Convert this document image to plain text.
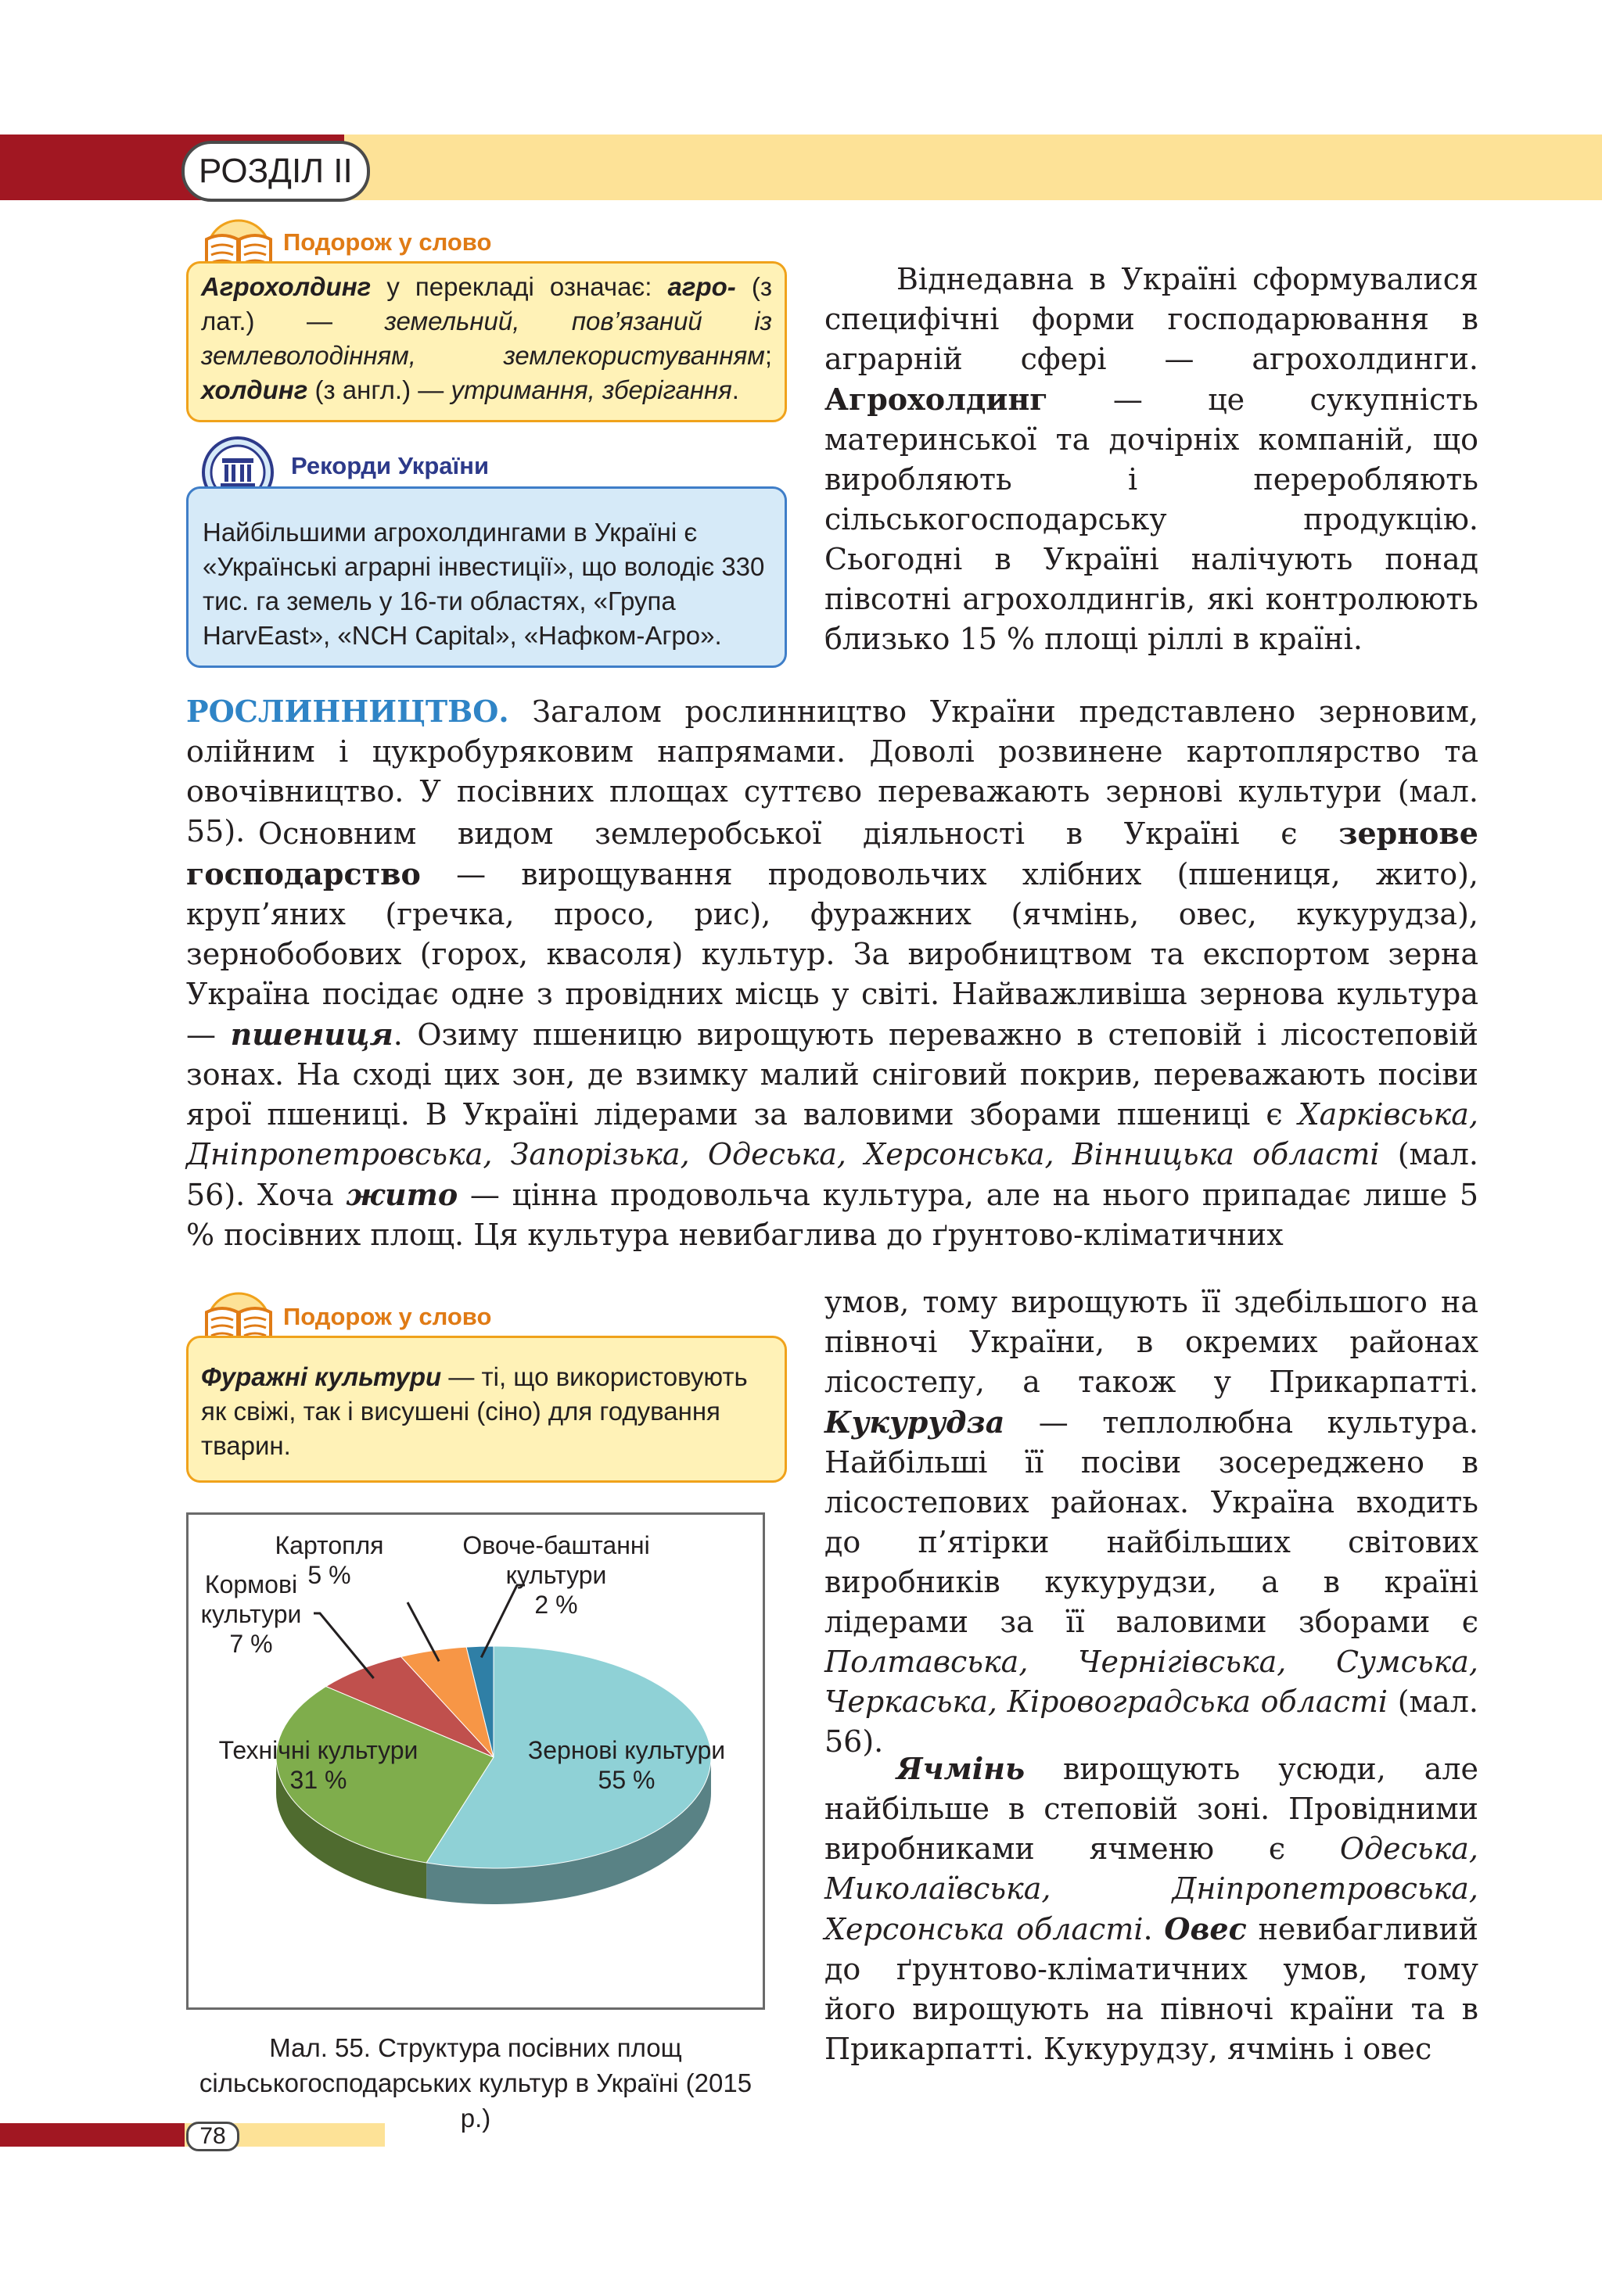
РОЗДІЛ II
Подорож у слово

Агрохолдинг у перекладі означає: агро- (з лат.) — земельний, пов’язаний із землеволодінням, землекористуванням; холдинг (з англ.) — утримання, зберігання.

Рекорди України

Найбільшими агрохолдингами в Україні є «Українські аграрні інвестиції», що володіє 330 тис. га земель у 16-ти областях, «Група HarvEast», «NCH Capital», «Нафком-Агро».

Віднедавна в Україні сформувалися специфічні форми господарювання в аграрній сфері — агрохолдинги. Агрохолдинг — це сукупність материнської та дочірніх компаній, що виробляють і переробляють сільськогосподарську продукцію. Сьогодні в Україні налічують понад півсотні агрохолдингів, які контролюють близько 15 % площі ріллі в країні.

РОСЛИННИЦТВО. Загалом рослинництво України представлено зерновим, олійним і цукробуряковим напрямами. Доволі розвинене картоплярство та овочівництво. У посівних площах суттєво переважають зернові культури (мал. 55). Основним видом землеробської діяльності в Україні є зернове господарство — вирощування продовольчих хлібних (пшениця, жито), круп’яних (гречка, просо, рис), фуражних (ячмінь, овес, кукурудза), зернобобових (горох, квасоля) культур. За виробництвом та експортом зерна Україна посідає одне з провідних місць у світі. Найважливіша зернова культура — пшениця. Озиму пшеницю вирощують переважно в степовій і лісостеповій зонах. На сході цих зон, де взимку малий сніговий покрив, переважають посіви ярої пшениці. В Україні лідерами за валовими зборами пшениці є Харківська, Дніпропетровська, Запорізька, Одеська, Херсонська, Вінницька області (мал. 56). Хоча жито — цінна продовольча культура, але на нього припадає лише 5 % посівних площ. Ця культура невибаглива до ґрунтово-кліматичних

умов, тому вирощують її здебільшого на півночі України, в окремих районах лісостепу, а також у Прикарпатті. Кукурудза — теплолюбна культура. Найбільші її посіви зосереджено в лісостепових районах. Україна входить до п’ятірки найбільших світових виробників кукурудзи, а в країні лідерами за її валовими зборами є Полтавська, Чернігівська, Сумська, Черкаська, Кіровоградська області (мал. 56).

Ячмінь вирощують усюди, але найбільше в степовій зоні. Провідними виробниками ячменю є Одеська, Миколаївська, Дніпропетровська, Херсонська області. Овес невибагливий до ґрунтово-кліматичних умов, тому його вирощують на півночі країни та в Прикарпатті. Кукурудзу, ячмінь і овес

Подорож у слово

Фуражні культури — ті, що використовують як свіжі, так і висушені (сіно) для годування тварин.

Зернові культури 55 %
Технічні культури 31 %
Картопля 5 %
Кормові культури 7 %
Овоче-баштанні культури 2 %
Мал. 55. Структура посівних площ сільськогосподарських культур в Україні (2015 р.)
78
